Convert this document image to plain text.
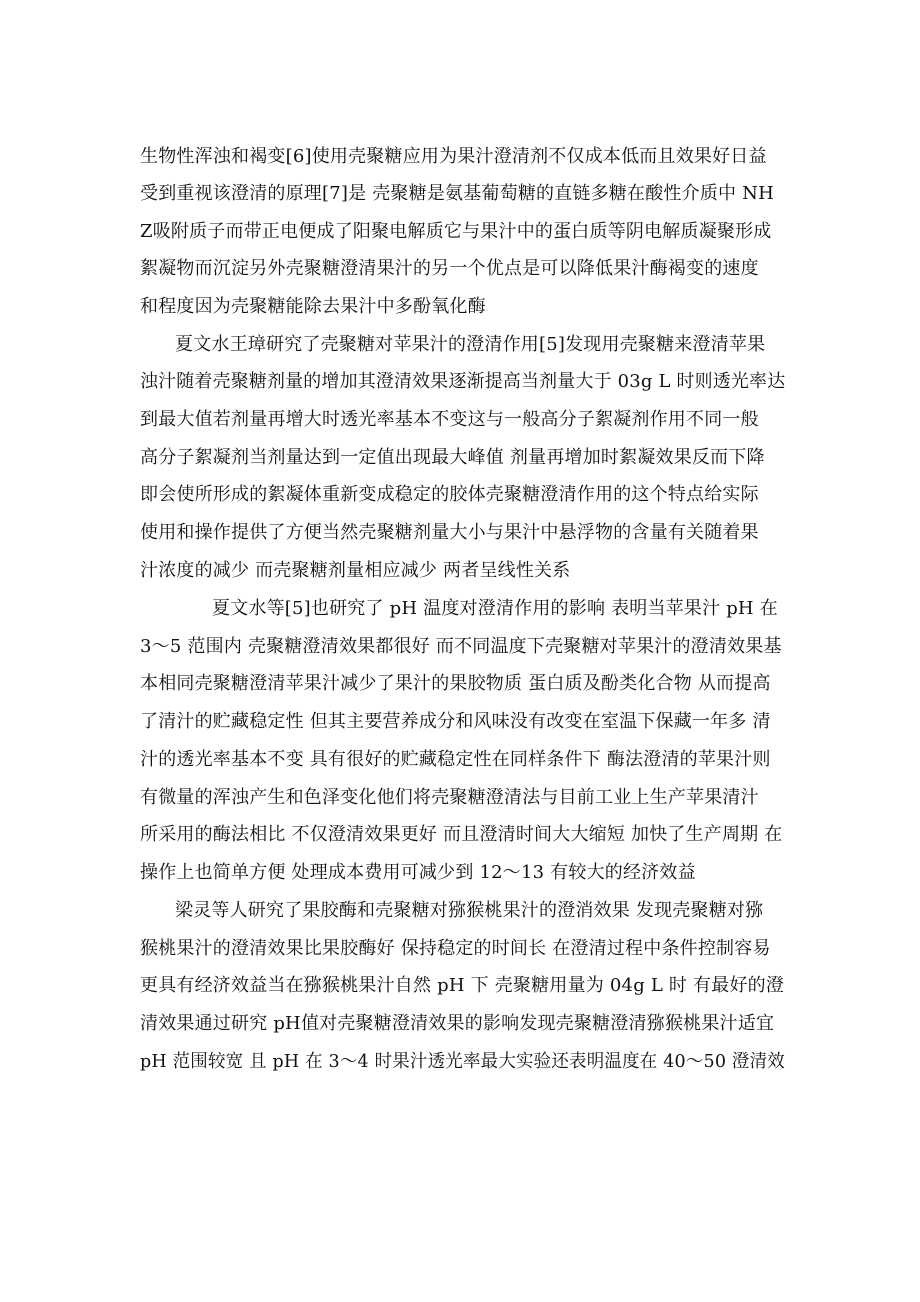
生物性浑浊和褐变[6]使用壳聚糖应用为果汁澄清剂不仅成本低而且效果好日益
受到重视该澄清的原理[7]是 壳聚糖是氨基葡萄糖的直链多糖在酸性介质中 NH
Z吸附质子而带正电便成了阳聚电解质它与果汁中的蛋白质等阴电解质凝聚形成
絮凝物而沉淀另外壳聚糖澄清果汁的另一个优点是可以降低果汁酶褐变的速度
和程度因为壳聚糖能除去果汁中多酚氧化酶
夏文水王璋研究了壳聚糖对苹果汁的澄清作用[5]发现用壳聚糖来澄清苹果
浊汁随着壳聚糖剂量的增加其澄清效果逐渐提高当剂量大于 03g L 时则透光率达
到最大值若剂量再增大时透光率基本不变这与一般高分子絮凝剂作用不同一般
高分子絮凝剂当剂量达到一定值出现最大峰值 剂量再增加时絮凝效果反而下降
即会使所形成的絮凝体重新变成稳定的胶体壳聚糖澄清作用的这个特点给实际
使用和操作提供了方便当然壳聚糖剂量大小与果汁中悬浮物的含量有关随着果
汁浓度的减少 而壳聚糖剂量相应减少 两者呈线性关系
夏文水等[5]也研究了 pH 温度对澄清作用的影响 表明当苹果汁 pH 在
3～5 范围内 壳聚糖澄清效果都很好 而不同温度下壳聚糖对苹果汁的澄清效果基
本相同壳聚糖澄清苹果汁减少了果汁的果胶物质 蛋白质及酚类化合物 从而提高
了清汁的贮藏稳定性 但其主要营养成分和风味没有改变在室温下保藏一年多 清
汁的透光率基本不变 具有很好的贮藏稳定性在同样条件下 酶法澄清的苹果汁则
有微量的浑浊产生和色泽变化他们将壳聚糖澄清法与目前工业上生产苹果清汁
所采用的酶法相比 不仅澄清效果更好 而且澄清时间大大缩短 加快了生产周期 在
操作上也简单方便 处理成本费用可减少到 12～13 有较大的经济效益
梁灵等人研究了果胶酶和壳聚糖对猕猴桃果汁的澄消效果 发现壳聚糖对猕
猴桃果汁的澄清效果比果胶酶好 保持稳定的时间长 在澄清过程中条件控制容易
更具有经济效益当在猕猴桃果汁自然 pH 下 壳聚糖用量为 04g L 时 有最好的澄
清效果通过研究 pH值对壳聚糖澄清效果的影响发现壳聚糖澄清猕猴桃果汁适宜
pH 范围较宽 且 pH 在 3～4 时果汁透光率最大实验还表明温度在 40～50 澄清效
